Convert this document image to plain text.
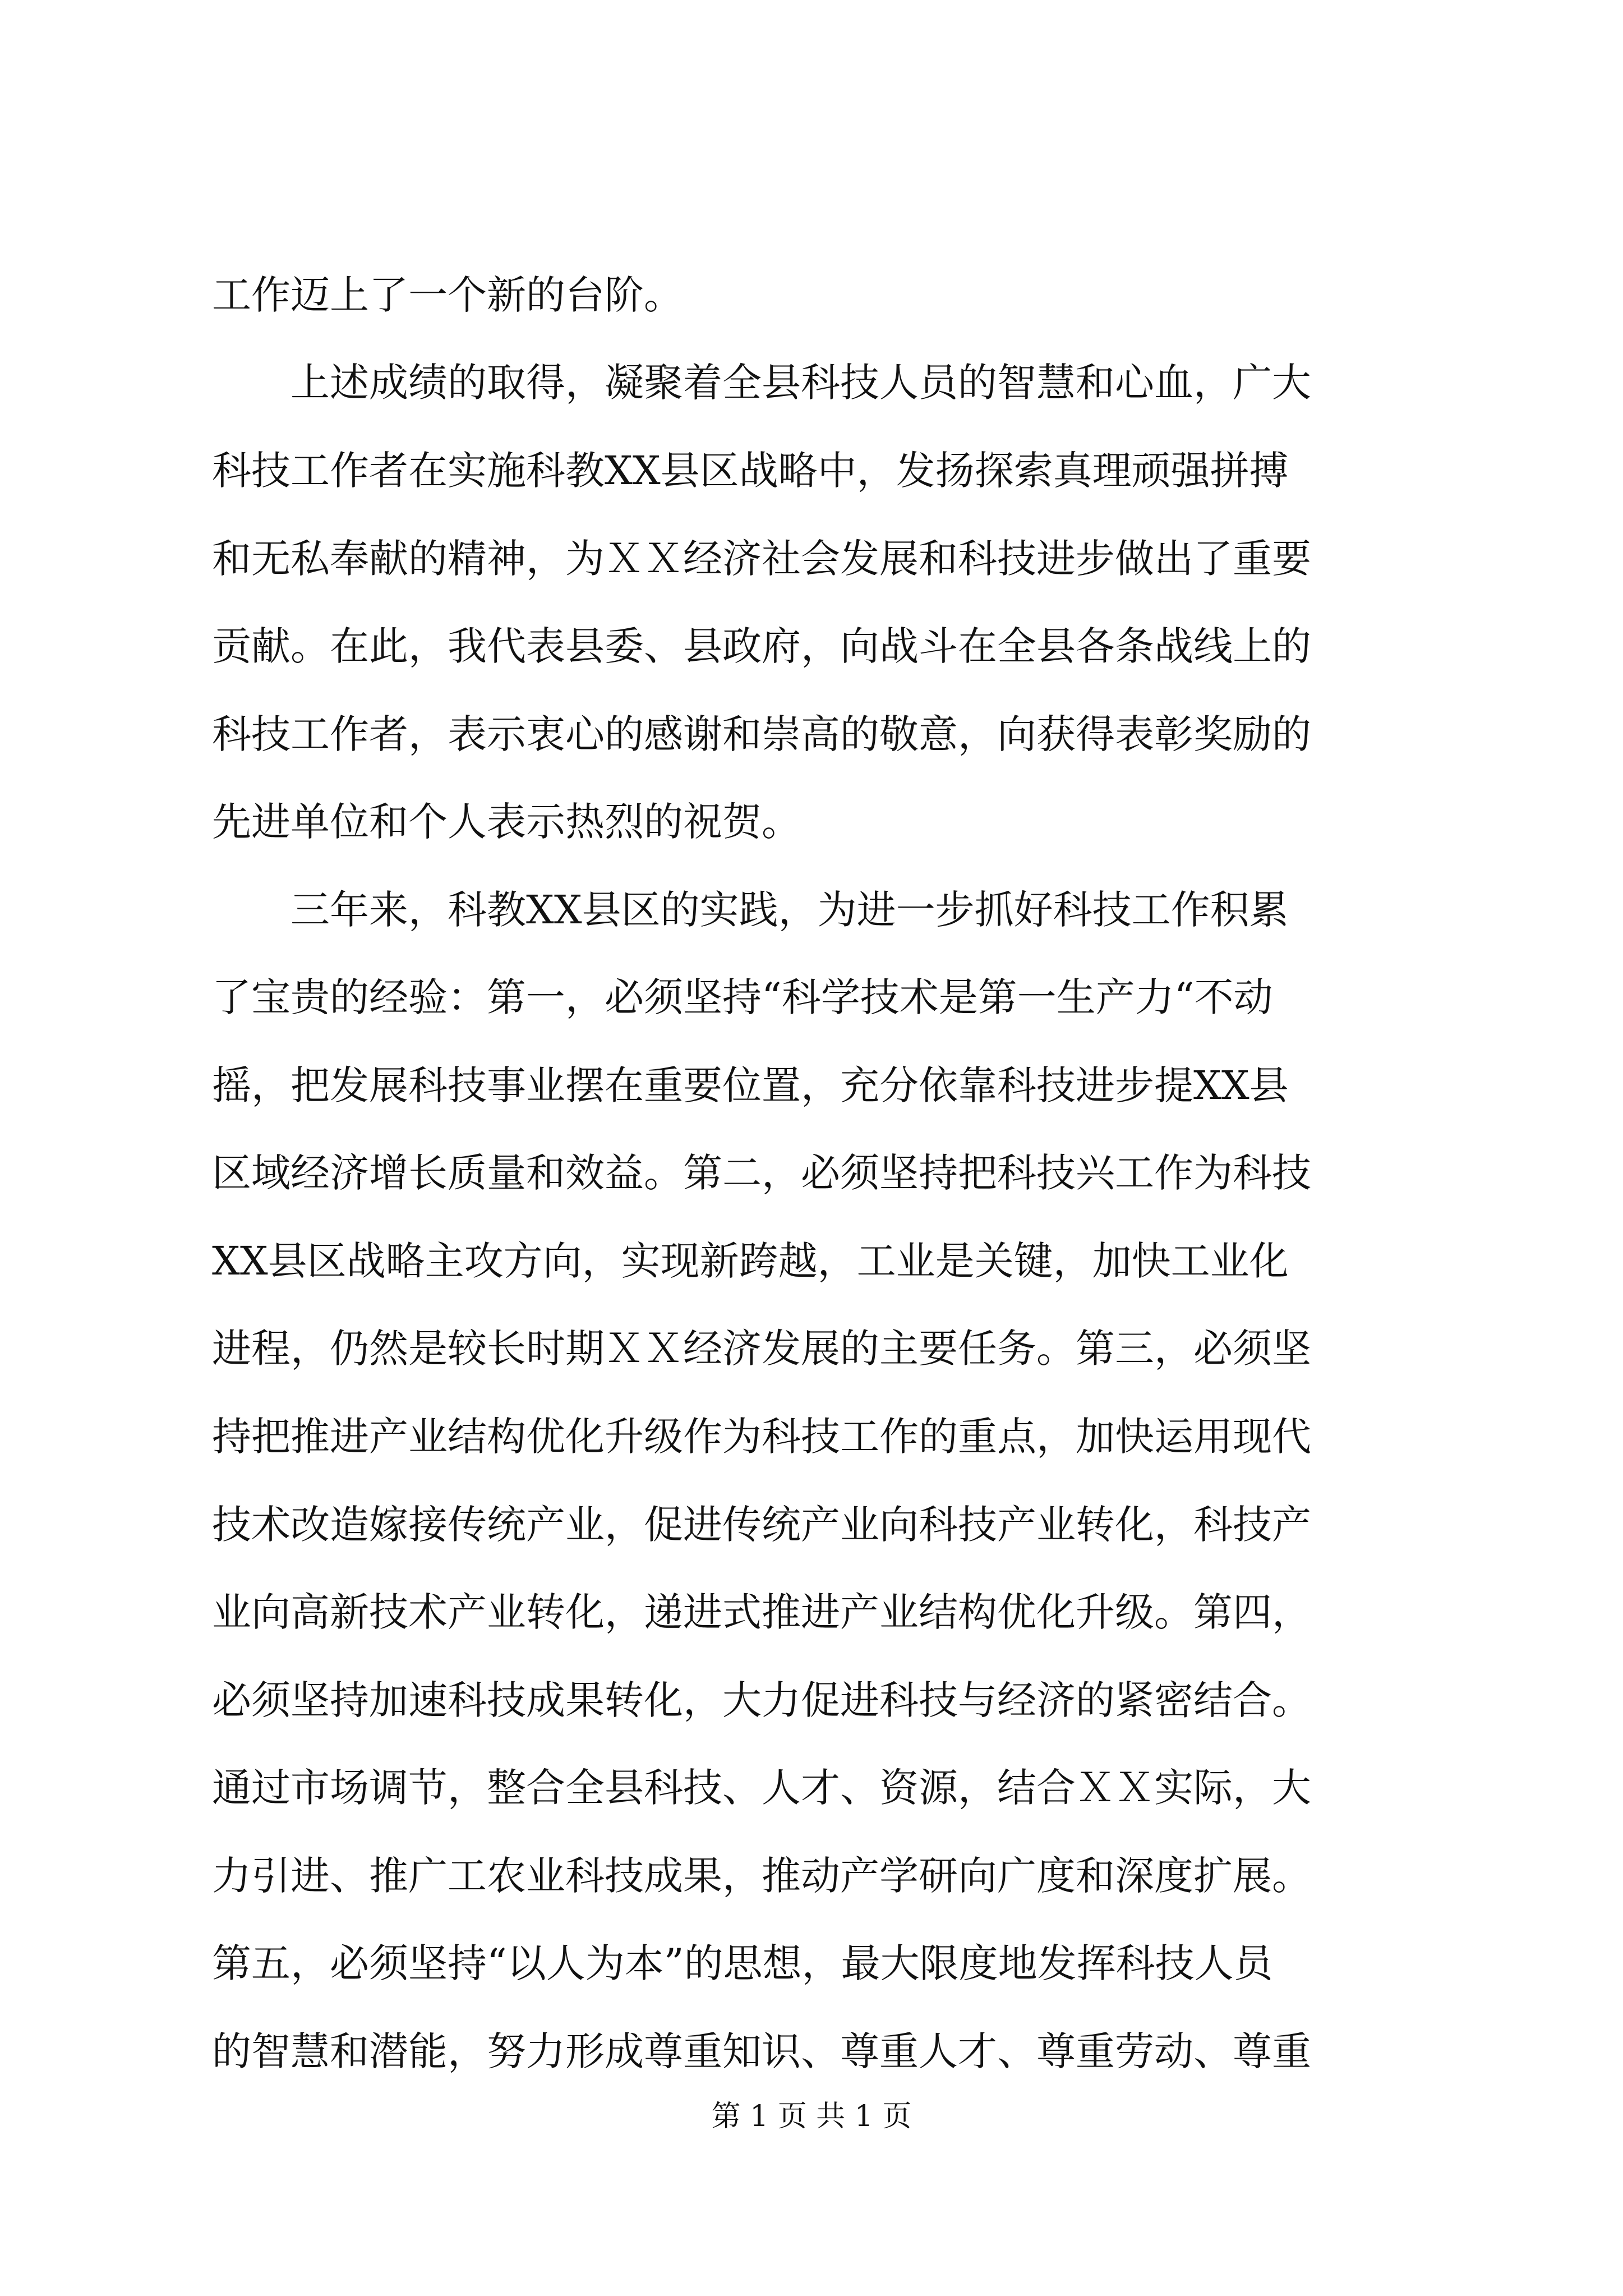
工作迈上了一个新的台阶。
　　上述成绩的取得，凝聚着全县科技人员的智慧和心血，广大
科技工作者在实施科教XX县区战略中，发扬探索真理顽强拼搏
和无私奉献的精神，为ＸＸ经济社会发展和科技进步做出了重要
贡献。在此，我代表县委、县政府，向战斗在全县各条战线上的
科技工作者，表示衷心的感谢和崇高的敬意，向获得表彰奖励的
先进单位和个人表示热烈的祝贺。
　　三年来，科教XX县区的实践，为进一步抓好科技工作积累
了宝贵的经验：第一，必须坚持“科学技术是第一生产力“不动
摇，把发展科技事业摆在重要位置，充分依靠科技进步提XX县
区域经济增长质量和效益。第二，必须坚持把科技兴工作为科技
XX县区战略主攻方向，实现新跨越，工业是关键，加快工业化
进程，仍然是较长时期ＸＸ经济发展的主要任务。第三，必须坚
持把推进产业结构优化升级作为科技工作的重点，加快运用现代
技术改造嫁接传统产业，促进传统产业向科技产业转化，科技产
业向高新技术产业转化，递进式推进产业结构优化升级。第四，
必须坚持加速科技成果转化，大力促进科技与经济的紧密结合。
通过市场调节，整合全县科技、人才、资源，结合ＸＸ实际，大
力引进、推广工农业科技成果，推动产学研向广度和深度扩展。
第五，必须坚持“以人为本”的思想，最大限度地发挥科技人员
的智慧和潜能，努力形成尊重知识、尊重人才、尊重劳动、尊重
第 1 页 共 1 页
